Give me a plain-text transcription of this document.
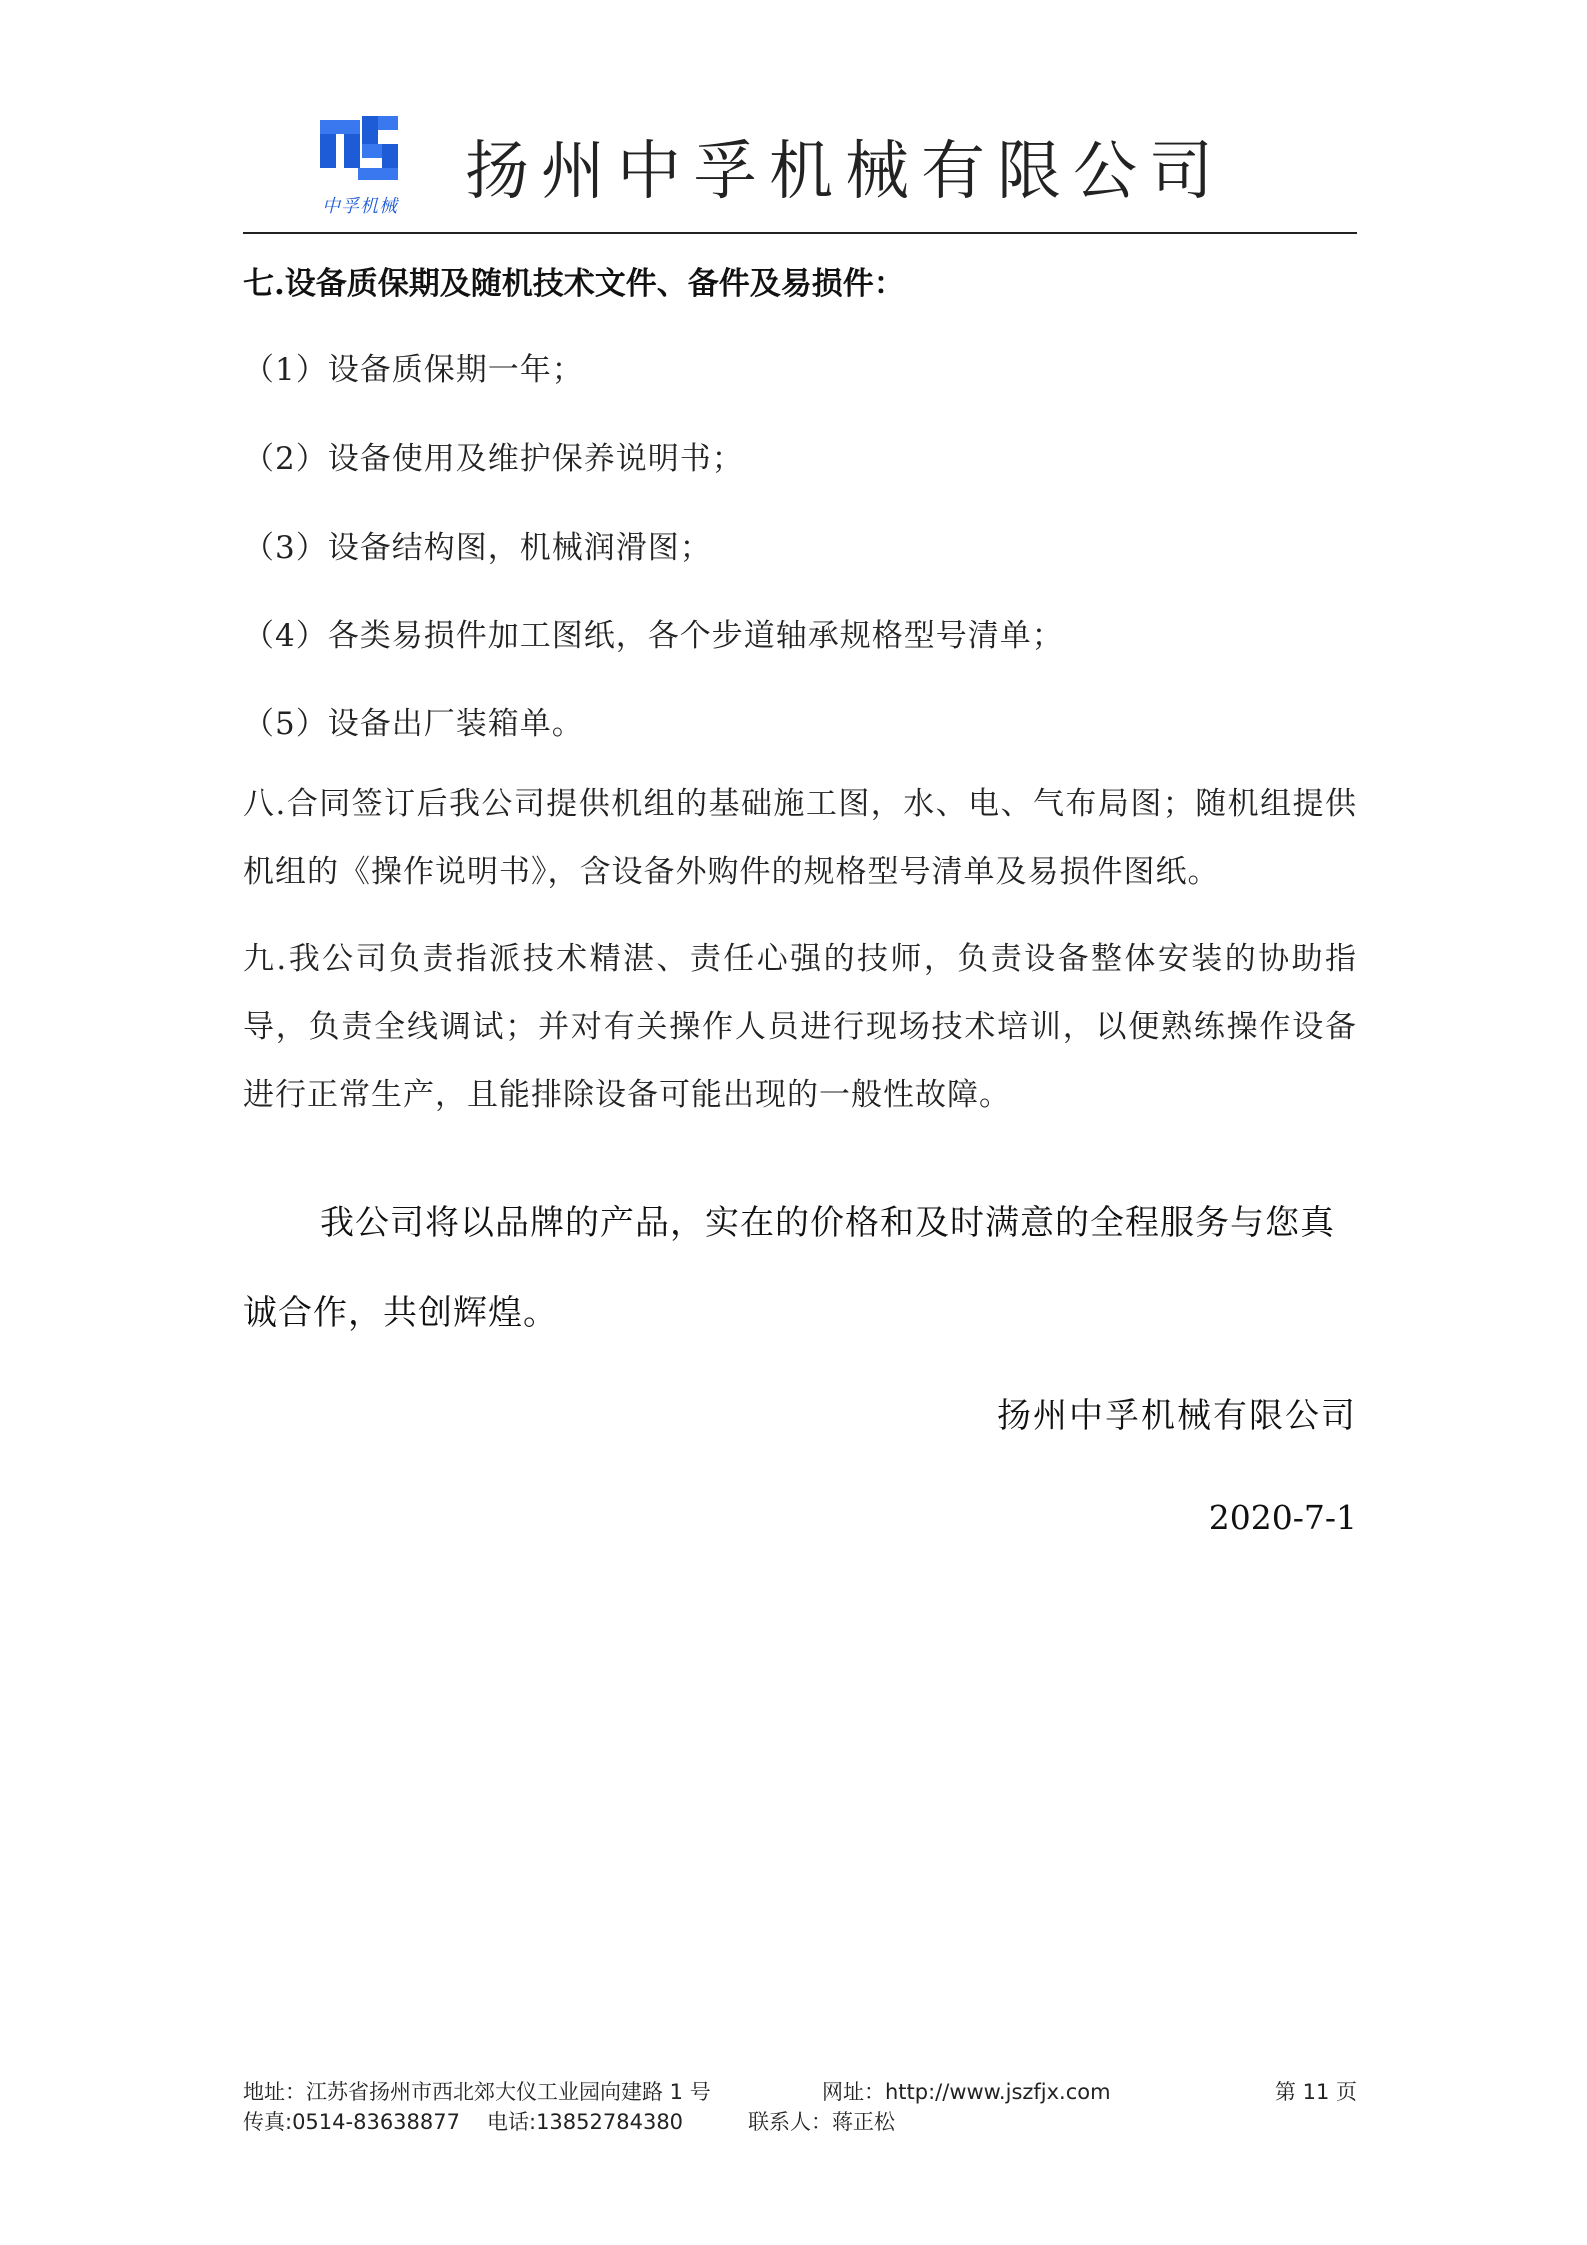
中孚机械	扬州中孚机械有限公司
七.设备质保期及随机技术文件、备件及易损件：
（1）设备质保期一年；
（2）设备使用及维护保养说明书；
（3）设备结构图，机械润滑图；
（4）各类易损件加工图纸，各个步道轴承规格型号清单；
（5）设备出厂装箱单。
八.合同签订后我公司提供机组的基础施工图，水、电、气布局图；随机组提供机组的《操作说明书》，含设备外购件的规格型号清单及易损件图纸。
九.我公司负责指派技术精湛、责任心强的技师，负责设备整体安装的协助指导，负责全线调试；并对有关操作人员进行现场技术培训，以便熟练操作设备进行正常生产，且能排除设备可能出现的一般性故障。
我公司将以品牌的产品，实在的价格和及时满意的全程服务与您真诚合作，共创辉煌。
扬州中孚机械有限公司
2020-7-1
地址：江苏省扬州市西北郊大仪工业园向建路 1 号	网址：http://www.jszfjx.com	第 11 页
传真:0514-83638877 电话:13852784380	联系人：蒋正松
